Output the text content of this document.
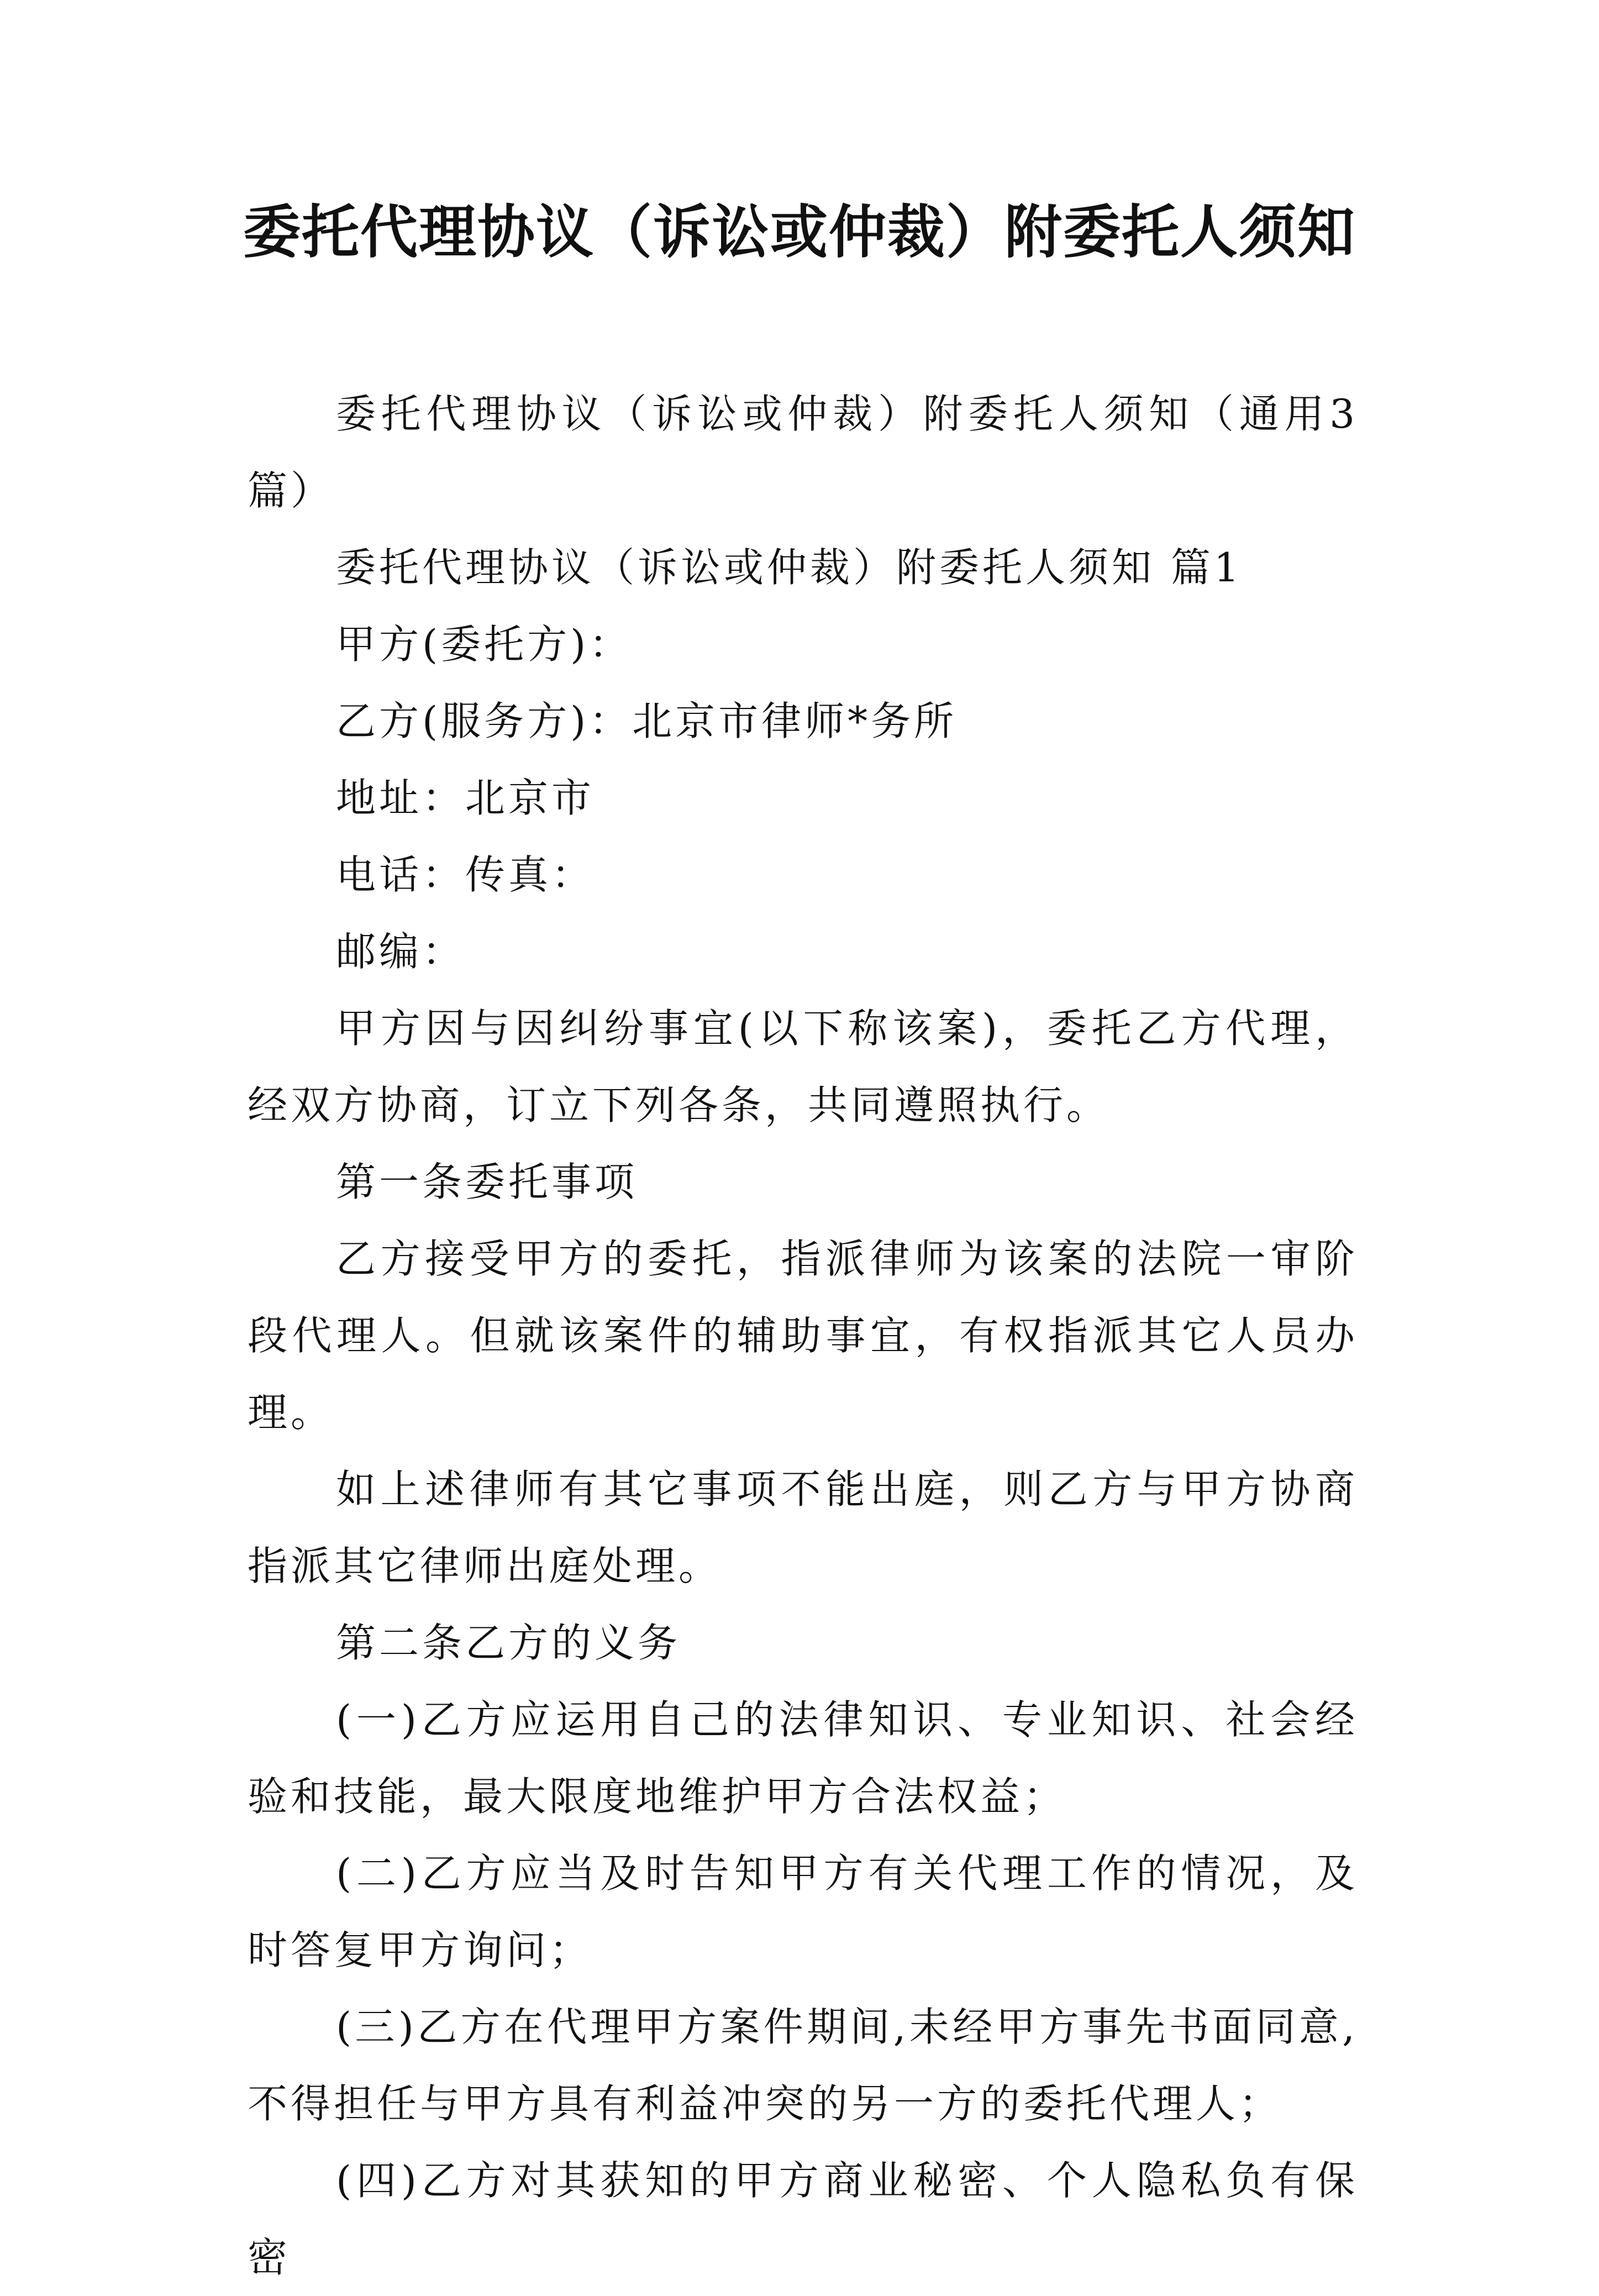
委托代理协议（诉讼或仲裁）附委托人须知

委托代理协议（诉讼或仲裁）附委托人须知（通用3篇）

委托代理协议（诉讼或仲裁）附委托人须知 篇1

甲方(委托方)：

乙方(服务方)：北京市律师*务所

地址：北京市

电话：传真：

邮编：

甲方因与因纠纷事宜(以下称该案)，委托乙方代理，经双方协商，订立下列各条，共同遵照执行。

第一条委托事项

乙方接受甲方的委托，指派律师为该案的法院一审阶段代理人。但就该案件的辅助事宜，有权指派其它人员办理。

如上述律师有其它事项不能出庭，则乙方与甲方协商指派其它律师出庭处理。

第二条乙方的义务

(一)乙方应运用自己的法律知识、专业知识、社会经验和技能，最大限度地维护甲方合法权益；

(二)乙方应当及时告知甲方有关代理工作的情况，及时答复甲方询问；

(三)乙方在代理甲方案件期间,未经甲方事先书面同意,不得担任与甲方具有利益冲突的另一方的委托代理人；

(四)乙方对其获知的甲方商业秘密、个人隐私负有保密
